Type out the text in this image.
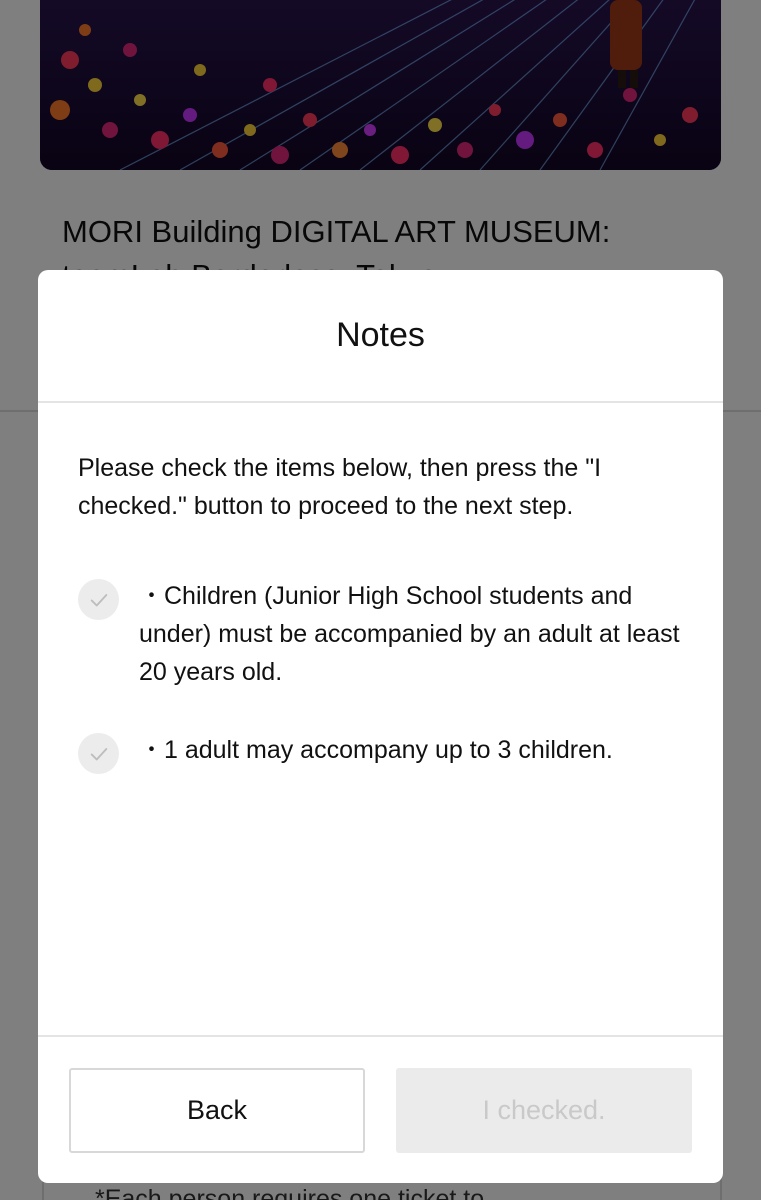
Notes

Please check the items below, then press the "I checked." button to proceed to the next step.

・Children (Junior High School students and under) must be accompanied by an adult at least 20 years old.
・1 adult may accompany up to 3 children.
Back	I checked.
